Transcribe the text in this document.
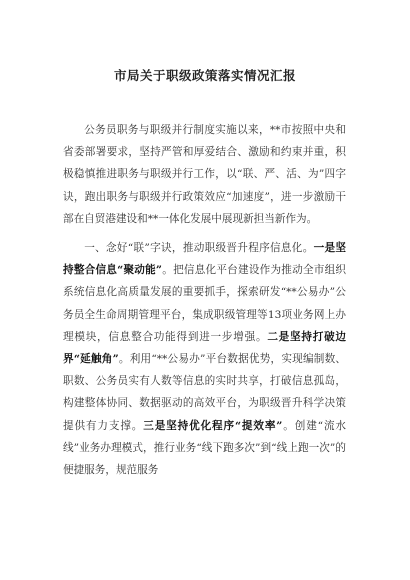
市局关于职级政策落实情况汇报

公务员职务与职级并行制度实施以来，**市按照中央和省委部署要求，坚持严管和厚爱结合、激励和约束并重，积极稳慎推进职务与职级并行工作，以“联、严、活、为”四字诀，跑出职务与职级并行政策效应“加速度”，进一步激励干部在自贸港建设和**一体化发展中展现新担当新作为。

一、念好“联”字诀，推动职级晋升程序信息化。一是坚持整合信息“聚动能”。把信息化平台建设作为推动全市组织系统信息化高质量发展的重要抓手，探索研发“**公易办”公务员全生命周期管理平台，集成职级管理等13项业务网上办理模块，信息整合功能得到进一步增强。二是坚持打破边界“延触角”。利用“**公易办”平台数据优势，实现编制数、职数、公务员实有人数等信息的实时共享，打破信息孤岛，构建整体协同、数据驱动的高效平台，为职级晋升科学决策提供有力支撑。三是坚持优化程序“提效率”。创建“流水线”业务办理模式，推行业务“线下跑多次”到“线上跑一次”的便捷服务，规范服务
